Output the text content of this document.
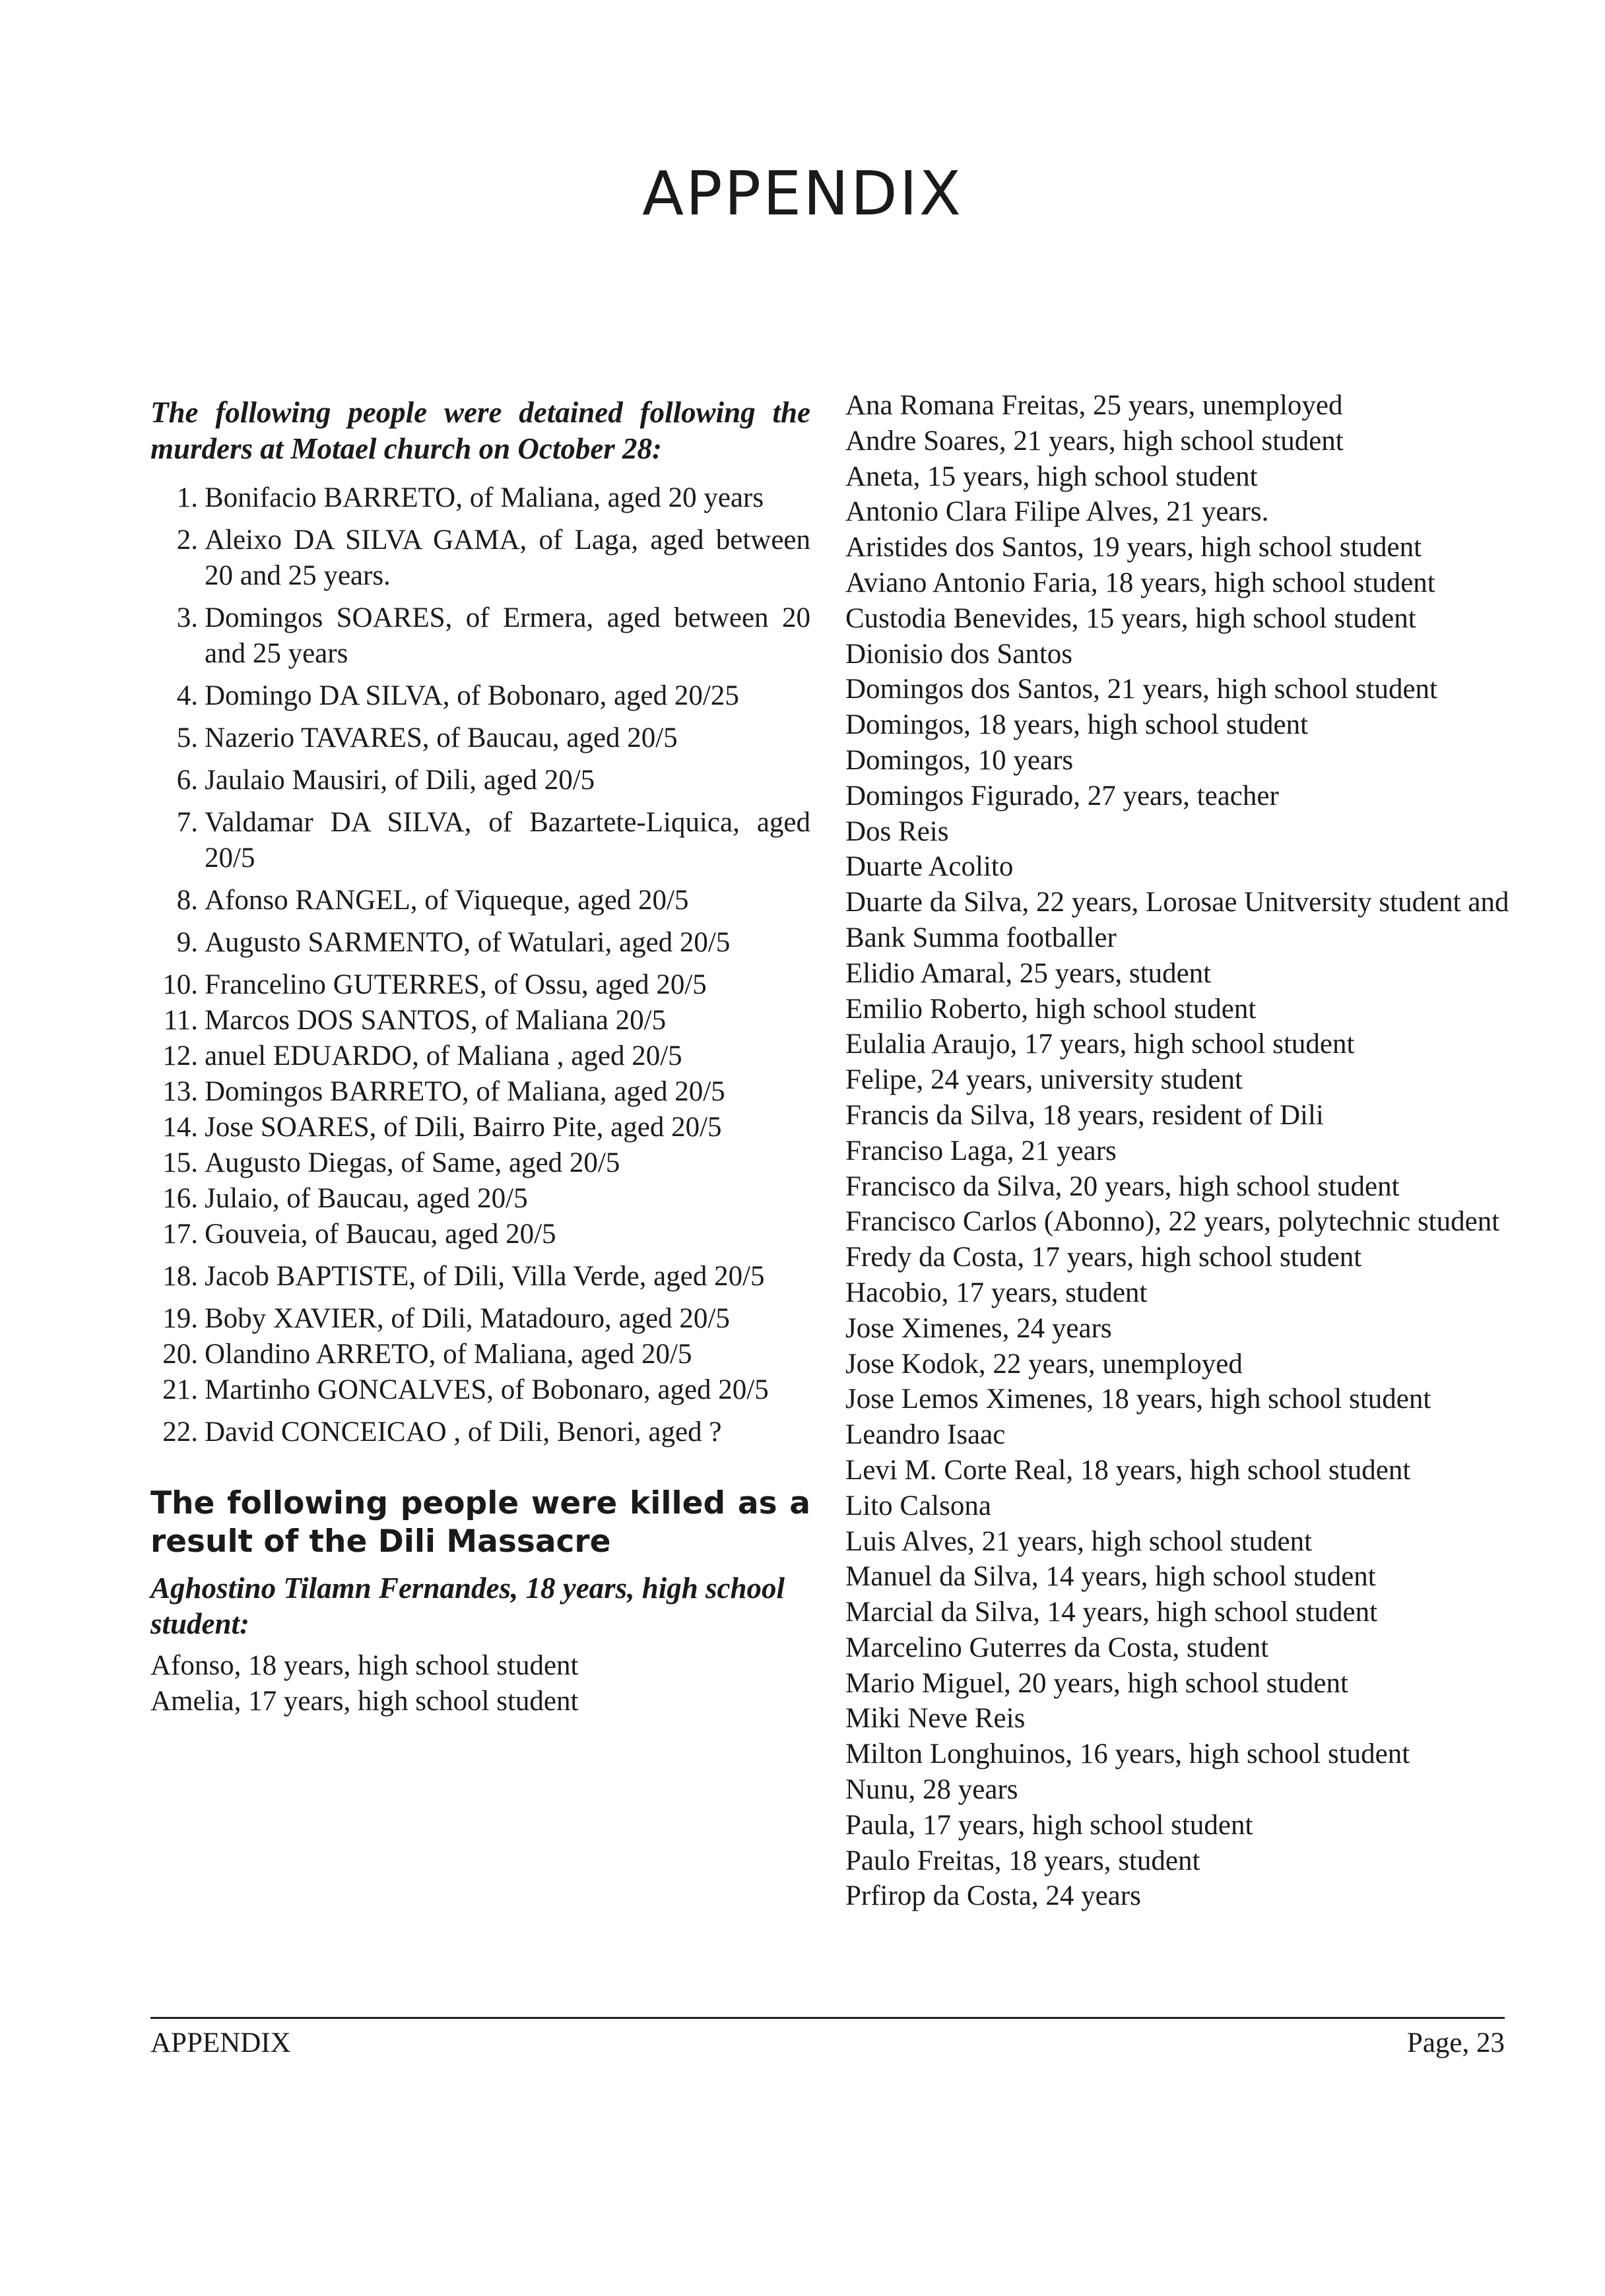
APPENDIX

The following people were detained following the murders at Motael church on October 28:

1. Bonifacio BARRETO, of Maliana, aged 20 years
2. Aleixo DA SILVA GAMA, of Laga, aged between 20 and 25 years.
3. Domingos SOARES, of Ermera, aged between 20 and 25 years
4. Domingo DA SILVA, of Bobonaro, aged 20/25
5. Nazerio TAVARES, of Baucau, aged 20/5
6. Jaulaio Mausiri, of Dili, aged 20/5
7. Valdamar DA SILVA, of Bazartete-Liquica, aged 20/5
8. Afonso RANGEL, of Viqueque, aged 20/5
9. Augusto SARMENTO, of Watulari, aged 20/5
10. Francelino GUTERRES, of Ossu, aged 20/5
11. Marcos DOS SANTOS, of Maliana 20/5
12. anuel EDUARDO, of Maliana , aged 20/5
13. Domingos BARRETO, of Maliana, aged 20/5
14. Jose SOARES, of Dili, Bairro Pite, aged 20/5
15. Augusto Diegas, of Same, aged 20/5
16. Julaio, of Baucau, aged 20/5
17. Gouveia, of Baucau, aged 20/5
18. Jacob BAPTISTE, of Dili, Villa Verde, aged 20/5
19. Boby XAVIER, of Dili, Matadouro, aged 20/5
20. Olandino ARRETO, of Maliana, aged 20/5
21. Martinho GONCALVES, of Bobonaro, aged 20/5
22. David CONCEICAO , of Dili, Benori, aged ?
The following people were killed as a result of the Dili Massacre

Aghostino Tilamn Fernandes, 18 years, high school student:

Afonso, 18 years, high school student
Amelia, 17 years, high school student
Ana Romana Freitas, 25 years, unemployed
Andre Soares, 21 years, high school student
Aneta, 15 years, high school student
Antonio Clara Filipe Alves, 21 years.
Aristides dos Santos, 19 years, high school student
Aviano Antonio Faria, 18 years, high school student
Custodia Benevides, 15 years, high school student
Dionisio dos Santos
Domingos dos Santos, 21 years, high school student
Domingos, 18 years, high school student
Domingos, 10 years
Domingos Figurado, 27 years, teacher
Dos Reis
Duarte Acolito
Duarte da Silva, 22 years, Lorosae Unitversity student and Bank Summa footballer
Elidio Amaral, 25 years, student
Emilio Roberto, high school student
Eulalia Araujo, 17 years, high school student
Felipe, 24 years, university student
Francis da Silva, 18 years, resident of Dili
Franciso Laga, 21 years
Francisco da Silva, 20 years, high school student
Francisco Carlos (Abonno), 22 years, polytechnic student
Fredy da Costa, 17 years, high school student
Hacobio, 17 years, student
Jose Ximenes, 24 years
Jose Kodok, 22 years, unemployed
Jose Lemos Ximenes, 18 years, high school student
Leandro Isaac
Levi M. Corte Real, 18 years, high school student
Lito Calsona
Luis Alves, 21 years, high school student
Manuel da Silva, 14 years, high school student
Marcial da Silva, 14 years, high school student
Marcelino Guterres da Costa, student
Mario Miguel, 20 years, high school student
Miki Neve Reis
Milton Longhuinos, 16 years, high school student
Nunu, 28 years
Paula, 17 years, high school student
Paulo Freitas, 18 years, student
Prfirop da Costa, 24 years
APPENDIX	Page, 23
